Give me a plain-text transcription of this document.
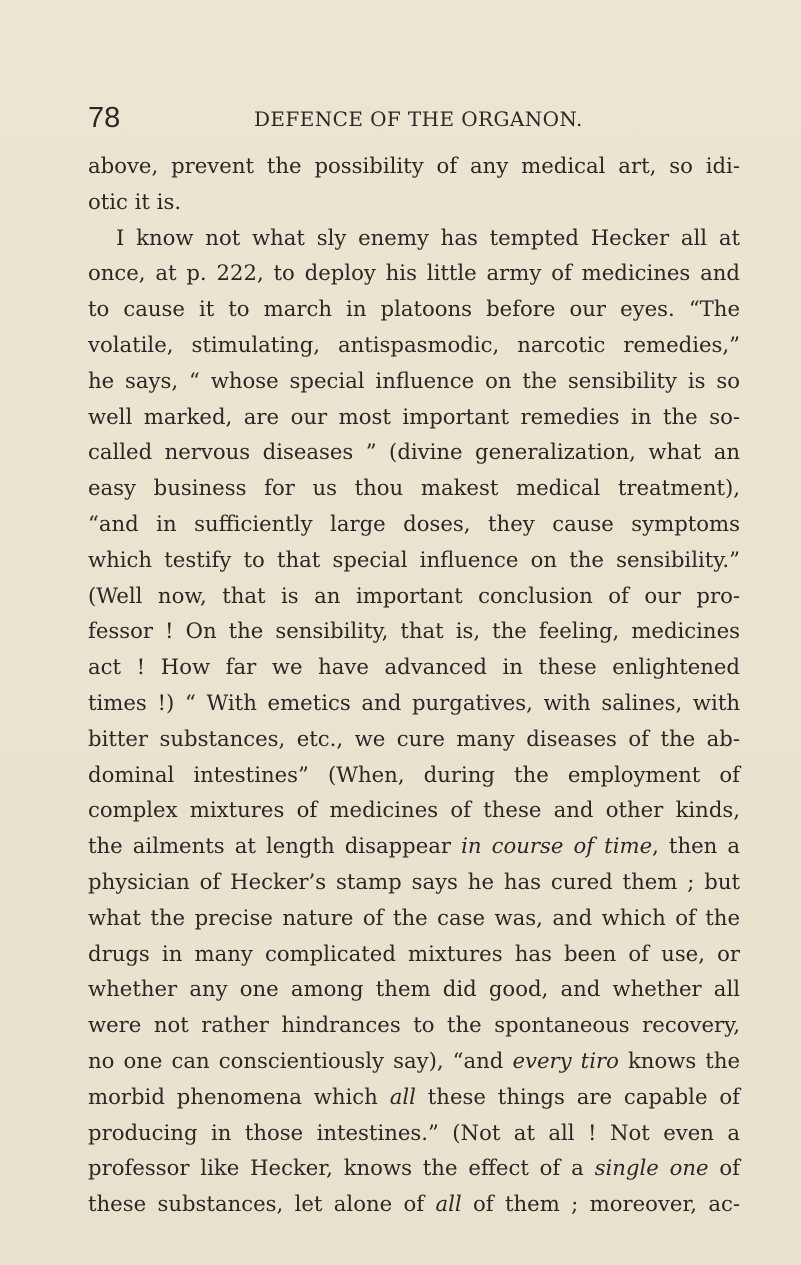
78	DEFENCE OF THE ORGANON.
above, prevent the possibility of any medical art, so idi-
otic it is.
I know not what sly enemy has tempted Hecker all at
once, at p. 222, to deploy his little army of medicines and
to cause it to march in platoons before our eyes. “The
volatile, stimulating, antispasmodic, narcotic remedies,”
he says, “ whose special influence on the sensibility is so
well marked, are our most important remedies in the so-
called nervous diseases ” (divine generalization, what an
easy business for us thou makest medical treatment),
“and in sufficiently large doses, they cause symptoms
which testify to that special influence on the sensibility.”
(Well now, that is an important conclusion of our pro-
fessor ! On the sensibility, that is, the feeling, medicines
act ! How far we have advanced in these enlightened
times !) “ With emetics and purgatives, with salines, with
bitter substances, etc., we cure many diseases of the ab-
dominal intestines” (When, during the employment of
complex mixtures of medicines of these and other kinds,
the ailments at length disappear in course of time, then a
physician of Hecker’s stamp says he has cured them ; but
what the precise nature of the case was, and which of the
drugs in many complicated mixtures has been of use, or
whether any one among them did good, and whether all
were not rather hindrances to the spontaneous recovery,
no one can conscientiously say), “and every tiro knows the
morbid phenomena which all these things are capable of
producing in those intestines.” (Not at all ! Not even a
professor like Hecker, knows the effect of a single one of
these substances, let alone of all of them ; moreover, ac-
